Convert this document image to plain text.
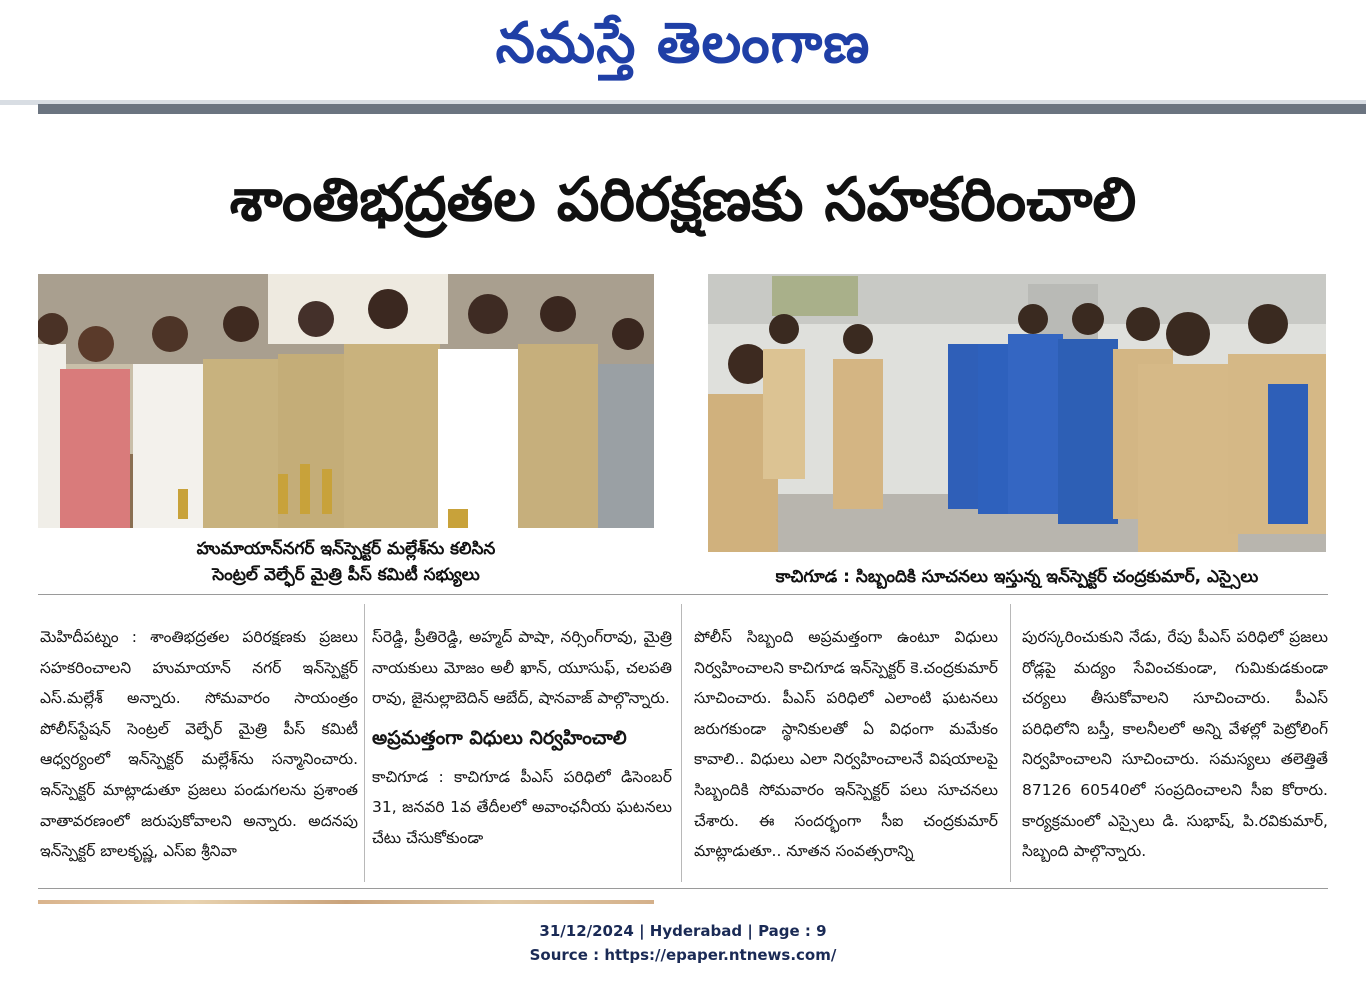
నమస్తే తెలంగాణ
శాంతిభద్రతల పరిరక్షణకు సహకరించాలి
హుమాయాన్‌నగర్ ఇన్‌స్పెక్టర్ మల్లేశ్‌ను కలిసిన
సెంట్రల్ వెల్ఫేర్ మైత్రి పీస్ కమిటీ సభ్యులు	కాచిగూడ : సిబ్బందికి సూచనలు ఇస్తున్న ఇన్‌స్పెక్టర్ చంద్రకుమార్, ఎస్సైలు

మెహిదీపట్నం : శాంతిభద్రతల పరిరక్షణకు ప్రజలు సహకరించాలని హుమాయాన్ నగర్ ఇన్‌స్పెక్టర్ ఎస్.మల్లేశ్ అన్నారు. సోమవారం సాయంత్రం పోలీస్‌స్టేషన్ సెంట్రల్ వెల్ఫేర్ మైత్రి పీస్ కమిటీ ఆధ్వర్యంలో ఇన్‌స్పెక్టర్ మల్లేశ్‌ను సన్మానించారు. ఇన్‌స్పెక్టర్ మాట్లాడుతూ ప్రజలు పండుగలను ప్రశాంత వాతావరణంలో జరుపుకోవాలని అన్నారు. అదనపు ఇన్‌స్పెక్టర్ బాలకృష్ణ, ఎస్ఐ శ్రీనివా

స్‌రెడ్డి, ప్రీతిరెడ్డి, అహ్మద్ పాషా, నర్సింగ్‌రావు, మైత్రి నాయకులు మోజం అలీ ఖాన్, యూసుఫ్, చలపతి రావు, జైనుల్లాబెదిన్ ఆబేద్, షానవాజ్ పాల్గొన్నారు.

అప్రమత్తంగా విధులు నిర్వహించాలి

కాచిగూడ : కాచిగూడ పీఎస్ పరిధిలో డిసెంబర్ 31, జనవరి 1వ తేదీలలో అవాంఛనీయ ఘటనలు చేటు చేసుకోకుండా

పోలీస్ సిబ్బంది అప్రమత్తంగా ఉంటూ విధులు నిర్వహించాలని కాచిగూడ ఇన్‌స్పెక్టర్ కె.చంద్రకుమార్ సూచించారు. పీఎస్ పరిధిలో ఎలాంటి ఘటనలు జరుగకుండా స్థానికులతో ఏ విధంగా మమేకం కావాలి.. విధులు ఎలా నిర్వహించాలనే విషయాలపై సిబ్బందికి సోమవారం ఇన్‌స్పెక్టర్ పలు సూచనలు చేశారు. ఈ సందర్భంగా సీఐ చంద్రకుమార్ మాట్లాడుతూ.. నూతన సంవత్సరాన్ని

పురస్కరించుకుని నేడు, రేపు పీఎస్ పరిధిలో ప్రజలు రోడ్లపై మద్యం సేవించకుండా, గుమికుడకుండా చర్యలు తీసుకోవాలని సూచించారు. పీఎస్ పరిధిలోని బస్తీ, కాలనీలలో అన్ని వేళల్లో పెట్రోలింగ్ నిర్వహించాలని సూచించారు. సమస్యలు తలెత్తితే 87126 60540లో సంప్రదించాలని సీఐ కోరారు. కార్యక్రమంలో ఎస్సైలు డి. సుభాష్, పి.రవికుమార్, సిబ్బంది పాల్గొన్నారు.

31/12/2024 | Hyderabad | Page : 9
Source : https://epaper.ntnews.com/
